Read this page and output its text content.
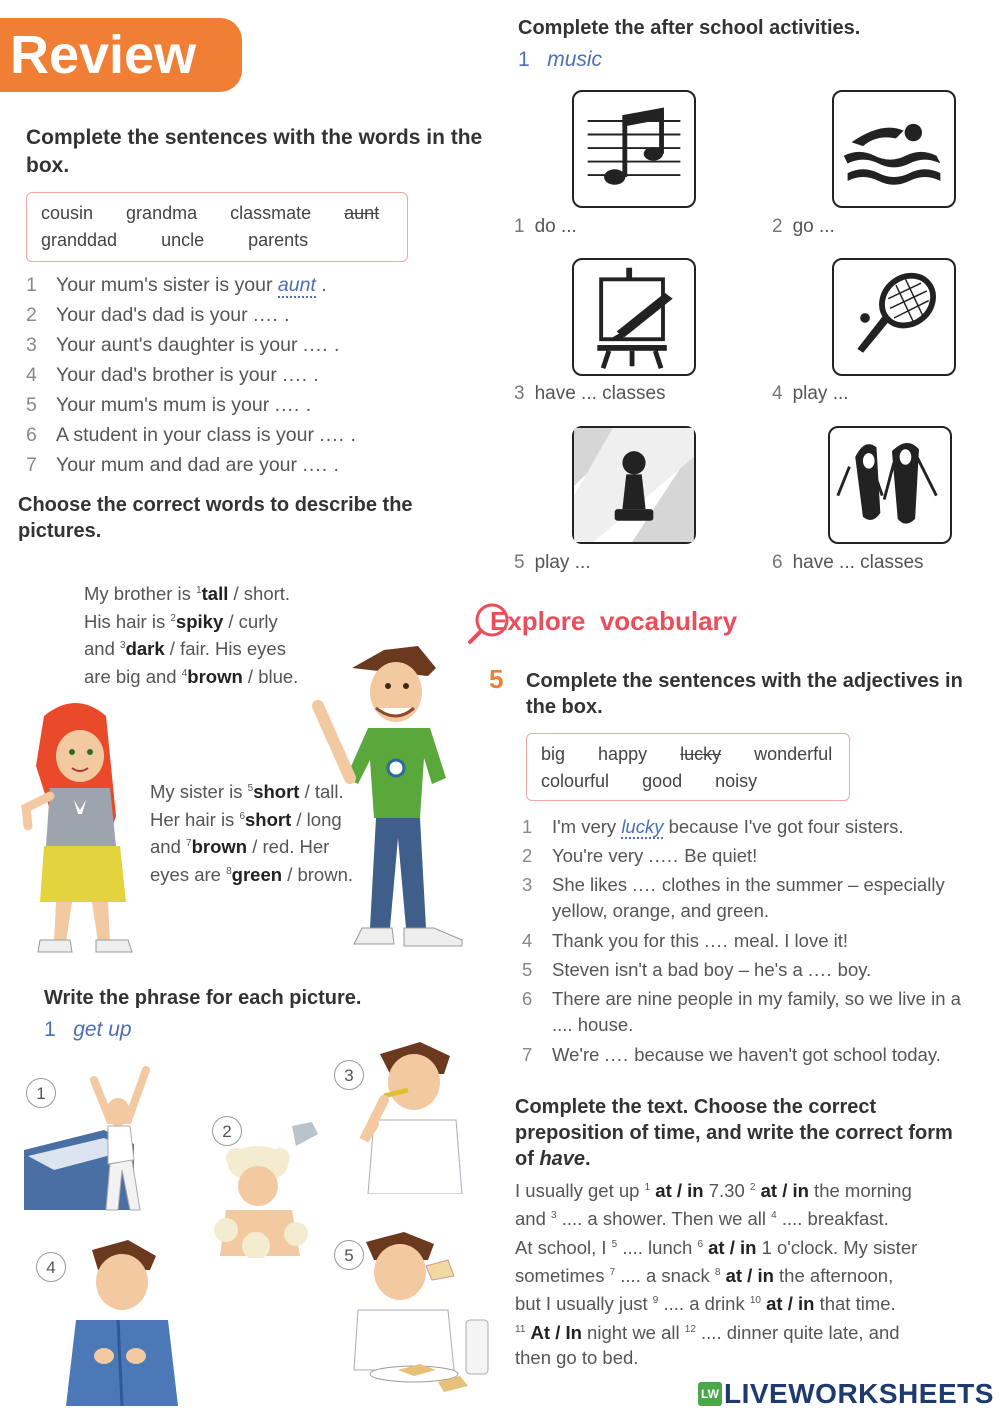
Review
Complete the sentences with the words in the box.
cousin grandma classmate aunt
granddad uncle parents
1 Your mum's sister is your aunt .
2 Your dad's dad is your .... .
3 Your aunt's daughter is your .... .
4 Your dad's brother is your .... .
5 Your mum's mum is your .... .
6 A student in your class is your .... .
7 Your mum and dad are your .... .
Choose the correct words to describe the pictures.
My brother is $^1$tall / short.
His hair is $^2$spiky / curly
and $^3$dark / fair. His eyes
are big and $^4$brown / blue.
My sister is $^5$short / tall.
Her hair is $^6$short / long
and $^7$brown / red. Her
eyes are $^8$green / brown.
Write the phrase for each picture.
1 get up
1
2
3
4
5
Complete the after school activities.
1 music
1 do ...	2 go ...
3 have ... classes	4 play ...
5 play ...	6 have ... classes
Explore vocabulary
5 Complete the sentences with the adjectives in the box.
big happy lucky wonderful
colourful good noisy
1 I'm very lucky because I've got four sisters.
2 You're very ..... Be quiet!
3 She likes .... clothes in the summer – especially
yellow, orange, and green.
4 Thank you for this .... meal. I love it!
5 Steven isn't a bad boy – he's a .... boy.
6 There are nine people in my family, so we live in a
.... house.
7 We're .... because we haven't got school today.
Complete the text. Choose the correct
preposition of time, and write the correct form
of have.
I usually get up $^1$ at / in 7.30 $^2$ at / in the morning
and $^3$ .... a shower. Then we all $^4$ .... breakfast.
At school, I $^5$ .... lunch $^6$ at / in 1 o'clock. My sister
sometimes $^7$ .... a snack $^8$ at / in the afternoon,
but I usually just $^9$ .... a drink $^{10}$ at / in that time.
$^{11}$ At / In night we all $^{12}$ .... dinner quite late, and
then go to bed.
LW LIVEWORKSHEETS
